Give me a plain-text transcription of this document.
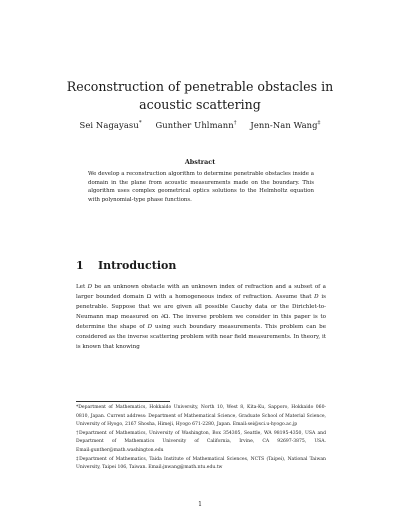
Reconstruction of penetrable obstacles in
acoustic scattering
Sei Nagayasu* Gunther Uhlmann† Jenn-Nan Wang‡
Abstract
We develop a reconstruction algorithm to determine penetrable obstacles inside a domain in the plane from acoustic measurements made on the boundary. This algorithm uses complex geometrical optics solutions to the Helmholtz equation with polynomial-type phase functions.
1 Introduction
Let D be an unknown obstacle with an unknown index of refraction and a subset of a larger bounded domain Ω with a homogeneous index of refraction. Assume that D is penetrable. Suppose that we are given all possible Cauchy data or the Dirichlet-to-Neumann map measured on ∂Ω. The inverse problem we consider in this paper is to determine the shape of D using such boundary measurements. This problem can be considered as the inverse scattering problem with near field measurements. In theory, it is known that knowing

*Department of Mathematics, Hokkaido University, North 10, West 8, Kita-Ku, Sapporo, Hokkaido 060-0810, Japan. Current address: Department of Mathematical Science, Graduate School of Material Science, University of Hyogo, 2167 Shosha, Himeji, Hyogo 671-2280, Japan. Email:sei@sci.u-hyogo.ac.jp

†Department of Mathematics, University of Washington, Box 354305, Seattle, WA 98195-4350, USA and Department of Mathematics University of California, Irvine, CA 92697-3875, USA. Email:gunther@math.washington.edu

‡Department of Mathematics, Taida Institute of Mathematical Sciences, NCTS (Taipei), National Taiwan University, Taipei 106, Taiwan. Email:jnwang@math.ntu.edu.tw

1
